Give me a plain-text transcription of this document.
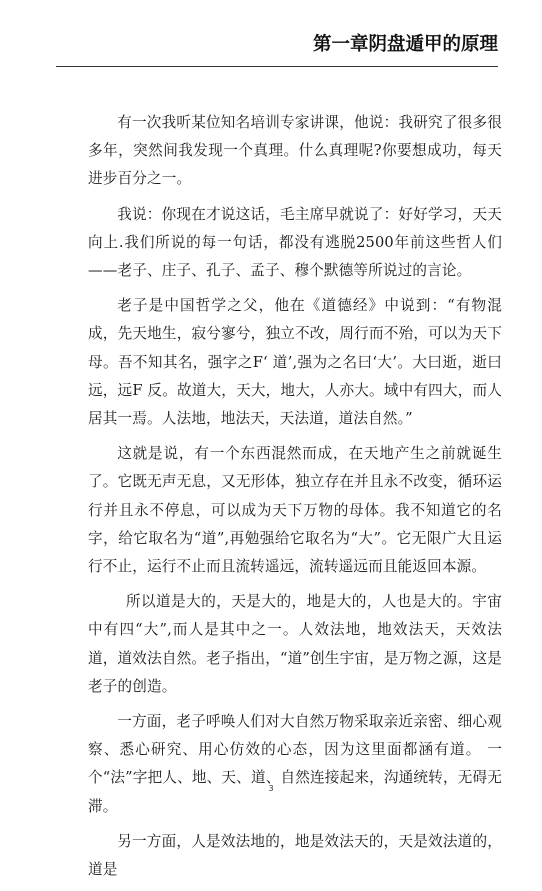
第一章阴盘遁甲的原理

有一次我听某位知名培训专家讲课，他说：我研究了很多很多年，突然间我发现一个真理。什么真理呢?你要想成功，每天进步百分之一。

我说：你现在才说这话，毛主席早就说了：好好学习，天天向上.我们所说的每一句话，都没有逃脱2500年前这些哲人们——老子、庄子、孔子、孟子、穆个默德等所说过的言论。

老子是中国哲学之父，他在《道德经》中说到：“有物混成，先天地生，寂兮寥兮，独立不改，周行而不殆，可以为天下母。吾不知其名，强字之F‘ 道’,强为之名曰‘大’。大曰逝，逝曰远，远F 反。故道大，天大，地大，人亦大。域中有四大，而人居其一焉。人法地，地法天，天法道，道法自然。”

这就是说，有一个东西混然而成，在天地产生之前就诞生了。它既无声无息，又无形体，独立存在并且永不改变，循环运行并且永不停息，可以成为天下万物的母体。我不知道它的名字，给它取名为“道”,再勉强给它取名为“大”。它无限广大且运行不止，运行不止而且流转遥远，流转遥远而且能返回本源。

所以道是大的，天是大的，地是大的，人也是大的。宇宙中有四“大”,而人是其中之一。人效法地，地效法天，天效法道，道效法自然。老子指出，“道”创生宇宙，是万物之源，这是老子的创造。

一方面，老子呼唤人们对大自然万物采取亲近亲密、细心观察、悉心研究、用心仿效的心态，因为这里面都涵有道。 一个“法”字把人、地、天、道、自然连接起来，沟通统转，无碍无滞。

另一方面，人是效法地的，地是效法天的，天是效法道的，道是

3
